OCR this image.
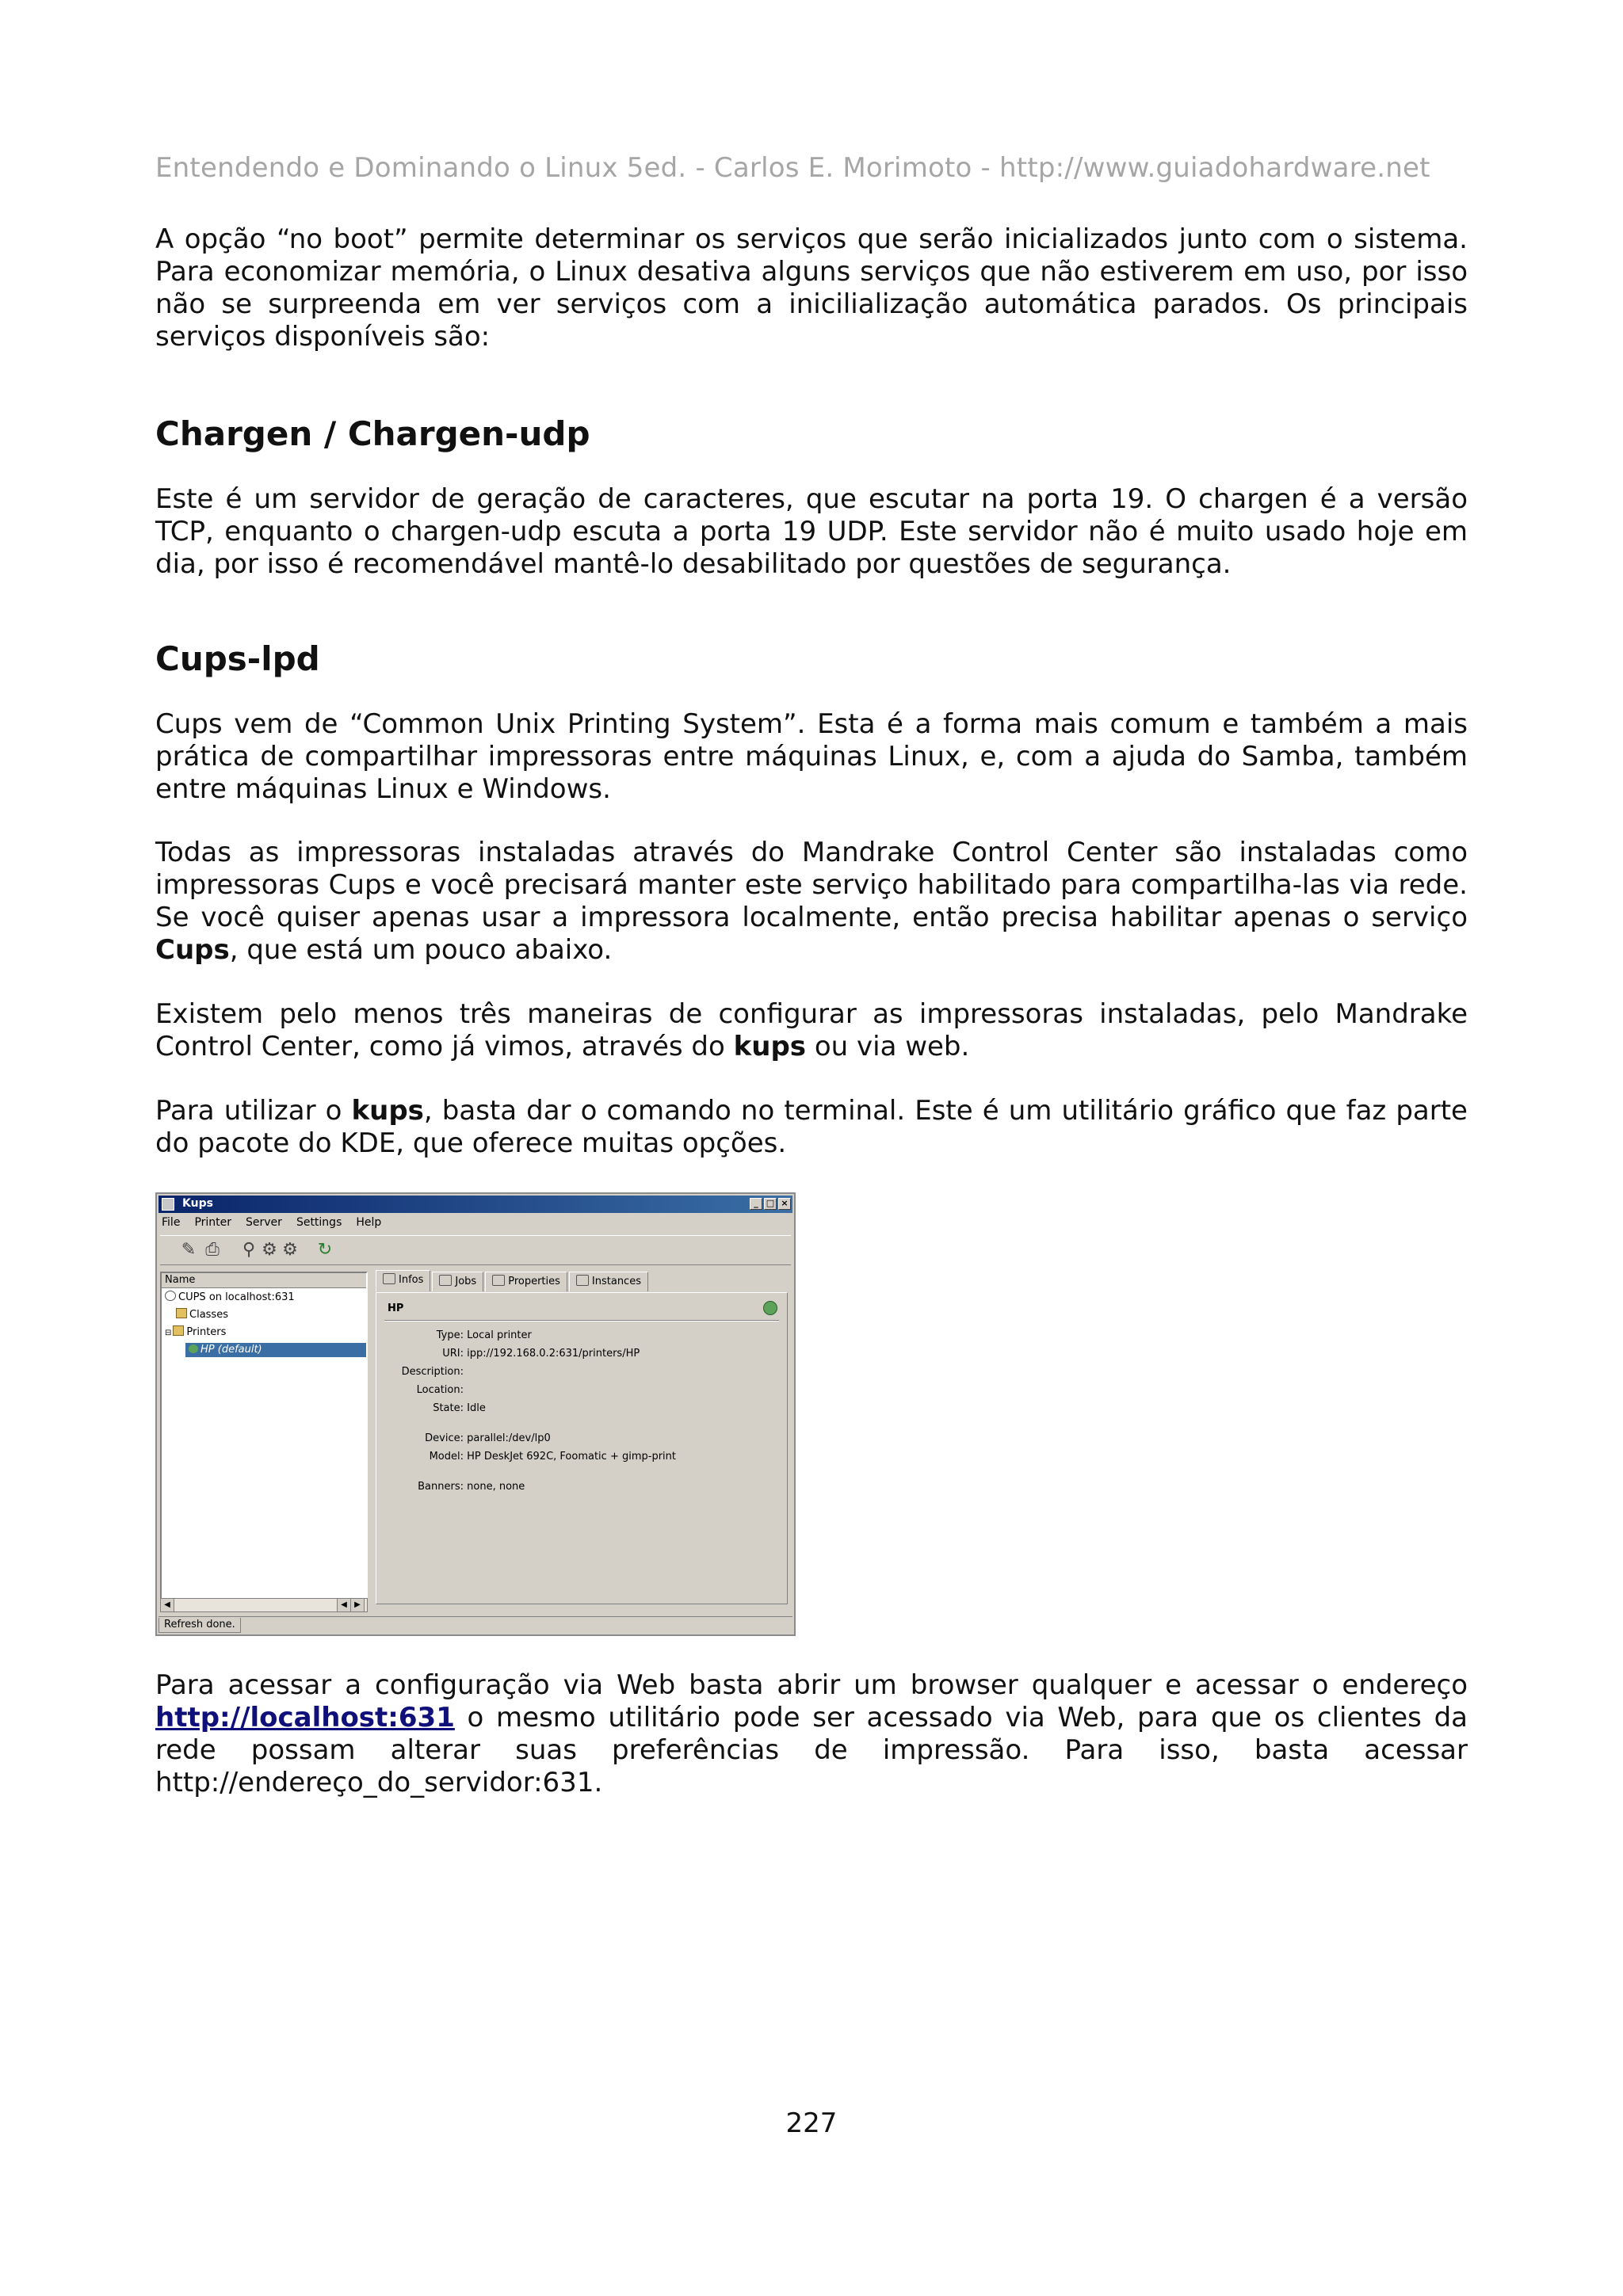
Entendendo e Dominando o Linux 5ed. - Carlos E. Morimoto - http://www.guiadohardware.net

A opção “no boot” permite determinar os serviços que serão inicializados junto com o sistema. Para economizar memória, o Linux desativa alguns serviços que não estiverem em uso, por isso não se surpreenda em ver serviços com a inicilialização automática parados. Os principais serviços disponíveis são:

Chargen / Chargen-udp

Este é um servidor de geração de caracteres, que escutar na porta 19. O chargen é a versão TCP, enquanto o chargen-udp escuta a porta 19 UDP. Este servidor não é muito usado hoje em dia, por isso é recomendável mantê-lo desabilitado por questões de segurança.

Cups-lpd

Cups vem de “Common Unix Printing System”. Esta é a forma mais comum e também a mais prática de compartilhar impressoras entre máquinas Linux, e, com a ajuda do Samba, também entre máquinas Linux e Windows.

Todas as impressoras instaladas através do Mandrake Control Center são instaladas como impressoras Cups e você precisará manter este serviço habilitado para compartilha-las via rede. Se você quiser apenas usar a impressora localmente, então precisa habilitar apenas o serviço Cups, que está um pouco abaixo.

Existem pelo menos três maneiras de configurar as impressoras instaladas, pelo Mandrake Control Center, como já vimos, através do kups ou via web.

Para utilizar o kups, basta dar o comando no terminal. Este é um utilitário gráfico que faz parte do pacote do KDE, que oferece muitas opções.

Kups	_ □ ×
File Printer Server Settings Help
✎ ⎙ ⚲ ⚙ ⚙ ↻
Name
CUPS on localhost:631
Classes
⊟ Printers
HP (default)
◀	◀ ▶
Infos	Jobs	Properties	Instances
HP
Type: Local printer
URI: ipp://192.168.0.2:631/printers/HP
Description:
Location:
State: Idle
Device: parallel:/dev/lp0
Model: HP DeskJet 692C, Foomatic + gimp-print
Banners: none, none
Refresh done.

Para acessar a configuração via Web basta abrir um browser qualquer e acessar o endereço http://localhost:631 o mesmo utilitário pode ser acessado via Web, para que os clientes da rede possam alterar suas preferências de impressão. Para isso, basta acessar http://endereço_do_servidor:631.

227
